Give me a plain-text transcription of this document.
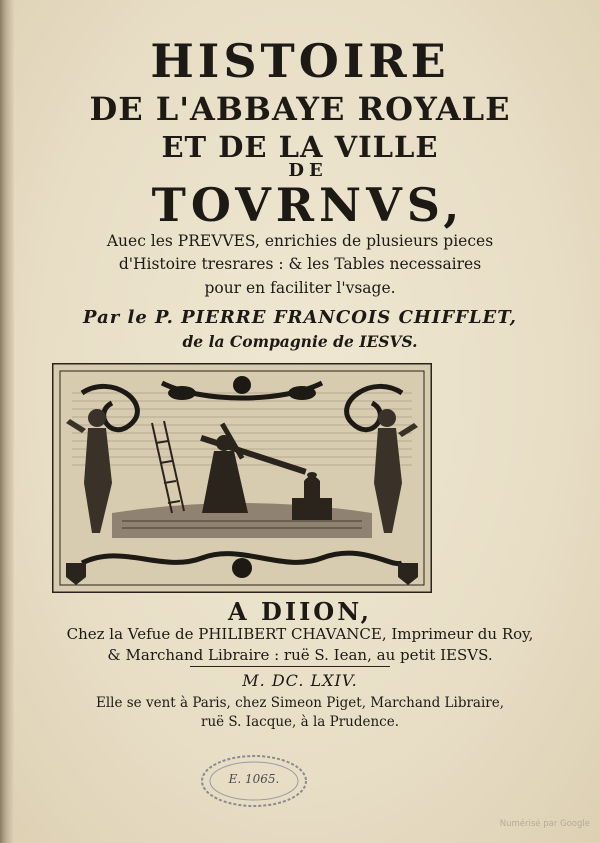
HISTOIRE
DE L'ABBAYE ROYALE
ET DE LA VILLE
DE
TOVRNVS,
Auec les PREVVES, enrichies de plusieurs pieces
d'Histoire tresrares : & les Tables necessaires
pour en faciliter l'vsage.
Par le P. PIERRE FRANCOIS CHIFFLET,
de la Compagnie de IESVS.
A DIION,
Chez la Vefue de PHILIBERT CHAVANCE, Imprimeur du Roy,
& Marchand Libraire : ruë S. Iean, au petit IESVS.
M. DC. LXIV.
Elle se vent à Paris, chez Simeon Piget, Marchand Libraire,
ruë S. Iacque, à la Prudence.
E. 1065.
Numérisé par Google
